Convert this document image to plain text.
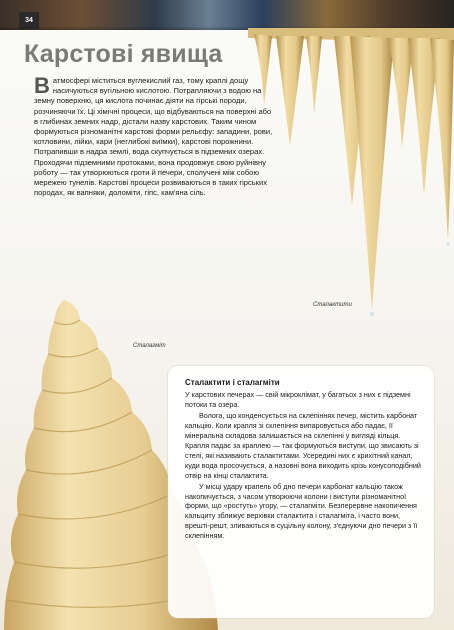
34
Карстові явища
В атмосфері міститься вуглекислий газ, тому краплі дощу насичуються вугільною кислотою. Потрапляючи з водою на земну поверхню, ця кислота починає діяти на гірські породи, розчиняючи їх. Ці хімічні процеси, що відбуваються на поверхні або в глибинах земних надр, дістали назву карстових. Таким чином формуються різноманітні карстові форми рельєфу: западини, рови, котловини, лійки, кари (неглибокі виїмки), карстові порожнини. Потрапивши в надра землі, вода скупчується в підземних озерах. Проходячи підземними протоками, вона продовжує свою руйнівну роботу — так утворюються гроти й печери, сполучені між собою мережею тунелів. Карстові процеси розвиваються в таких гірських породах, як вапняки, доломіти, гіпс, кам'яна сіль.
Сталактити
Сталагміт
Сталактити і сталагміти

У карстових печерах — свій мікроклімат, у багатьох з них є підземні потоки та озера.

Волога, що конденсується на склепіннях печер, містить карбонат кальцію. Коли крапля зі склепіння випаровується або падає, її мінеральна складова залишається на склепінні у вигляді кільця. Крапля падає за краплею — так формуються виступи, що звисають зі стелі, які називають сталактитами. Усередині них є крихітний канал, куди вода просочується, а назовні вона виходить крізь конусоподібний отвір на кінці сталактита.

У місці удару крапель об дно печери карбонат кальцію також накопичується, з часом утворюючи колони і виступи різноманітної форми, що «ростуть» угору, — сталагміти. Безперервне накопичення кальциту зближує верхівки сталактита і сталагміта, і часто вони, врешті-решт, зливаються в суцільну колону, з'єднуючи дно печери з її склепінням.
